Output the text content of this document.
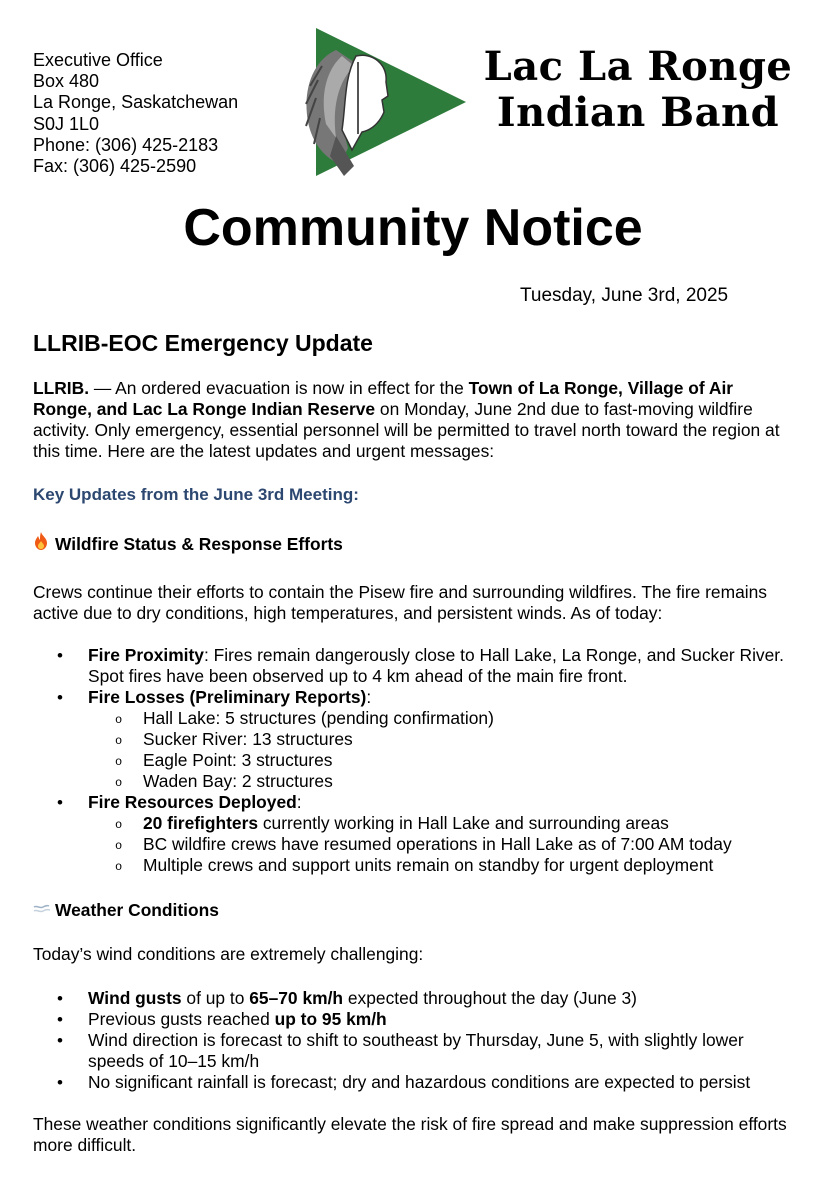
Executive Office
Box 480
La Ronge, Saskatchewan
S0J 1L0
Phone: (306) 425-2183
Fax: (306) 425-2590
Lac La Ronge
Indian Band
Community Notice
Tuesday, June 3rd, 2025
LLRIB-EOC Emergency Update
LLRIB. — An ordered evacuation is now in effect for the Town of La Ronge, Village of Air Ronge, and Lac La Ronge Indian Reserve on Monday, June 2nd due to fast-moving wildfire activity. Only emergency, essential personnel will be permitted to travel north toward the region at this time. Here are the latest updates and urgent messages:
Key Updates from the June 3rd Meeting:
Wildfire Status & Response Efforts
Crews continue their efforts to contain the Pisew fire and surrounding wildfires. The fire remains active due to dry conditions, high temperatures, and persistent winds. As of today:
• Fire Proximity: Fires remain dangerously close to Hall Lake, La Ronge, and Sucker River. Spot fires have been observed up to 4 km ahead of the main fire front.
• Fire Losses (Preliminary Reports):
o Hall Lake: 5 structures (pending confirmation)
o Sucker River: 13 structures
o Eagle Point: 3 structures
o Waden Bay: 2 structures
• Fire Resources Deployed:
o 20 firefighters currently working in Hall Lake and surrounding areas
o BC wildfire crews have resumed operations in Hall Lake as of 7:00 AM today
o Multiple crews and support units remain on standby for urgent deployment
Weather Conditions
Today’s wind conditions are extremely challenging:
• Wind gusts of up to 65–70 km/h expected throughout the day (June 3)
• Previous gusts reached up to 95 km/h
• Wind direction is forecast to shift to southeast by Thursday, June 5, with slightly lower speeds of 10–15 km/h
• No significant rainfall is forecast; dry and hazardous conditions are expected to persist
These weather conditions significantly elevate the risk of fire spread and make suppression efforts more difficult.
